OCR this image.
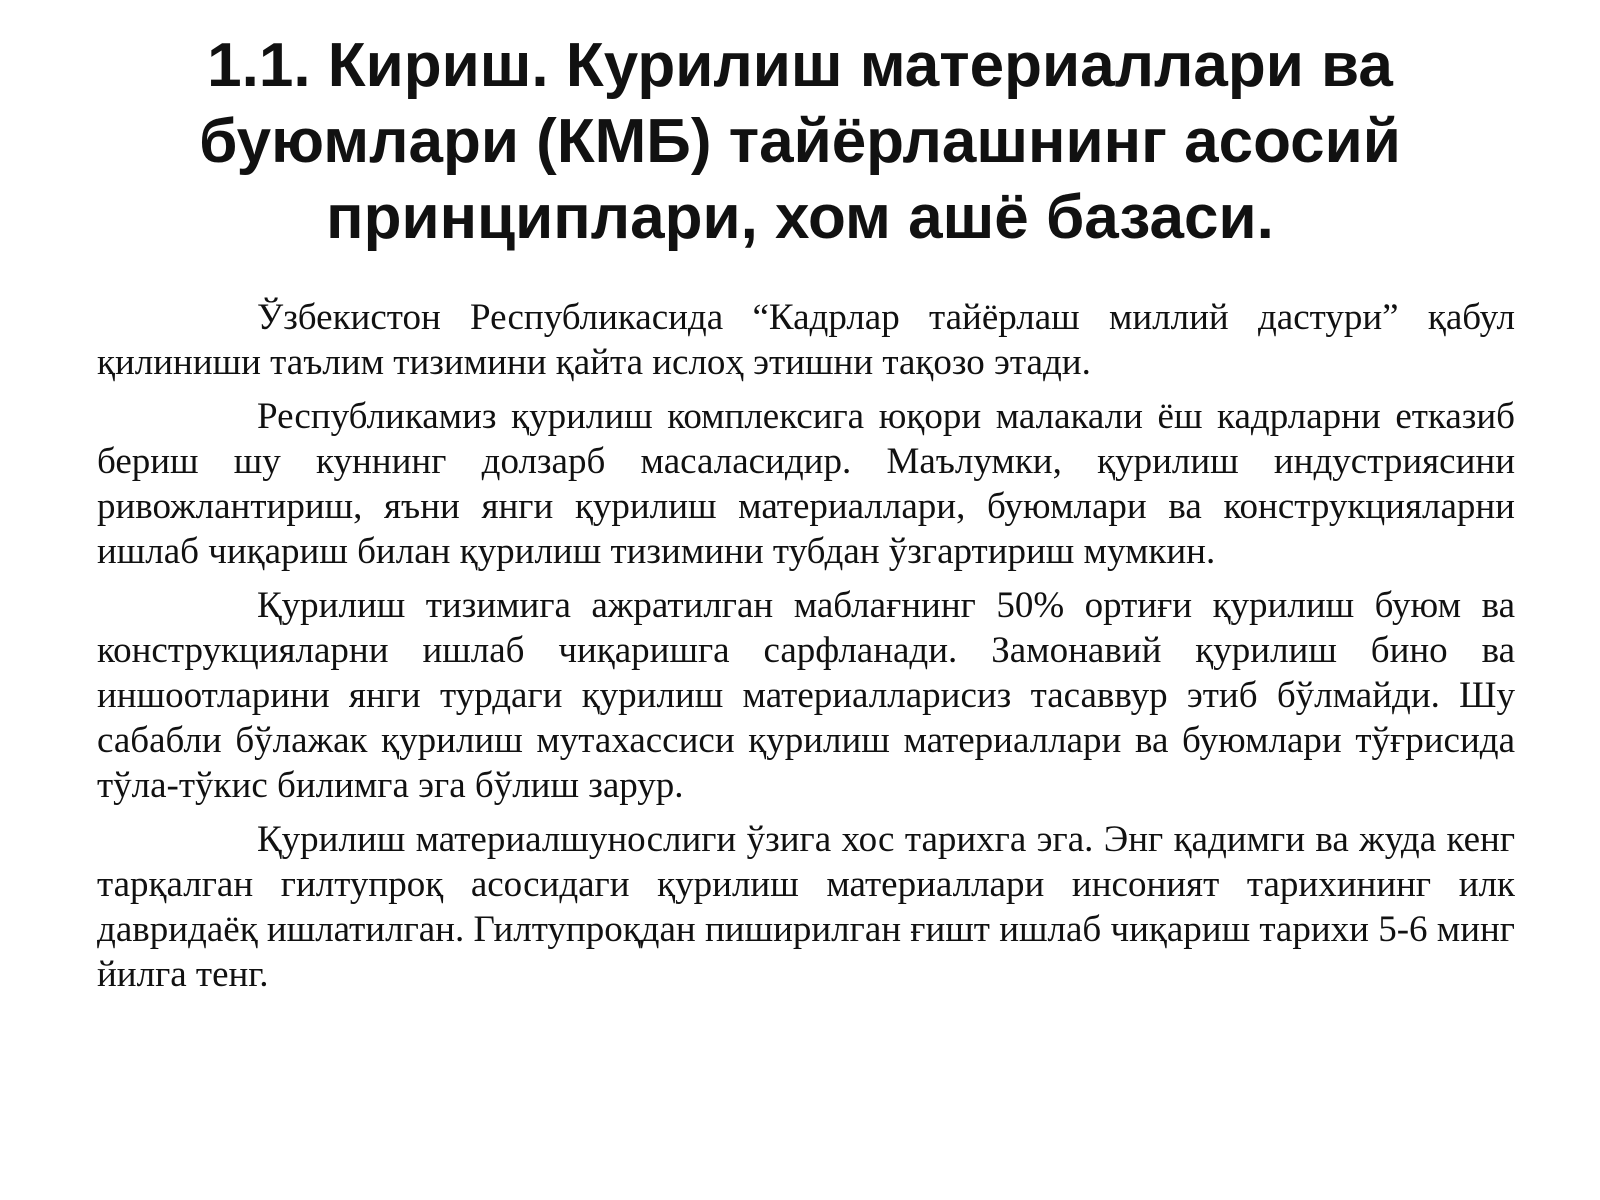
1.1. Кириш. Курилиш материаллари ва буюмлари (КМБ) тайёрлашнинг асосий принциплари, хом ашё базаси.

Ўзбекистон Республикасида “Кадрлар тайёрлаш миллий дастури” қабул қилиниши таълим тизимини қайта ислоҳ этишни тақозо этади.

Республикамиз қурилиш комплексига юқори малакали ёш кадрларни етказиб бериш шу куннинг долзарб масаласидир. Маълумки, қурилиш индустриясини ривожлантириш, яъни янги қурилиш материаллари, буюмлари ва конструкцияларни ишлаб чиқариш билан қурилиш тизимини тубдан ўзгартириш мумкин.

Қурилиш тизимига ажратилган маблағнинг 50% ортиғи қурилиш буюм ва конструкцияларни ишлаб чиқаришга сарфланади. Замонавий қурилиш бино ва иншоотларини янги турдаги қурилиш материалларисиз тасаввур этиб бўлмайди. Шу сабабли бўлажак қурилиш мутахассиси қурилиш материаллари ва буюмлари тўғрисида тўла-тўкис билимга эга бўлиш зарур.

Қурилиш материалшунослиги ўзига хос тарихга эга. Энг қадимги ва жуда кенг тарқалган гилтупроқ асосидаги қурилиш материаллари инсоният тарихининг илк давридаёқ ишлатилган. Гилтупроқдан пиширилган ғишт ишлаб чиқариш тарихи 5-6 минг йилга тенг.
